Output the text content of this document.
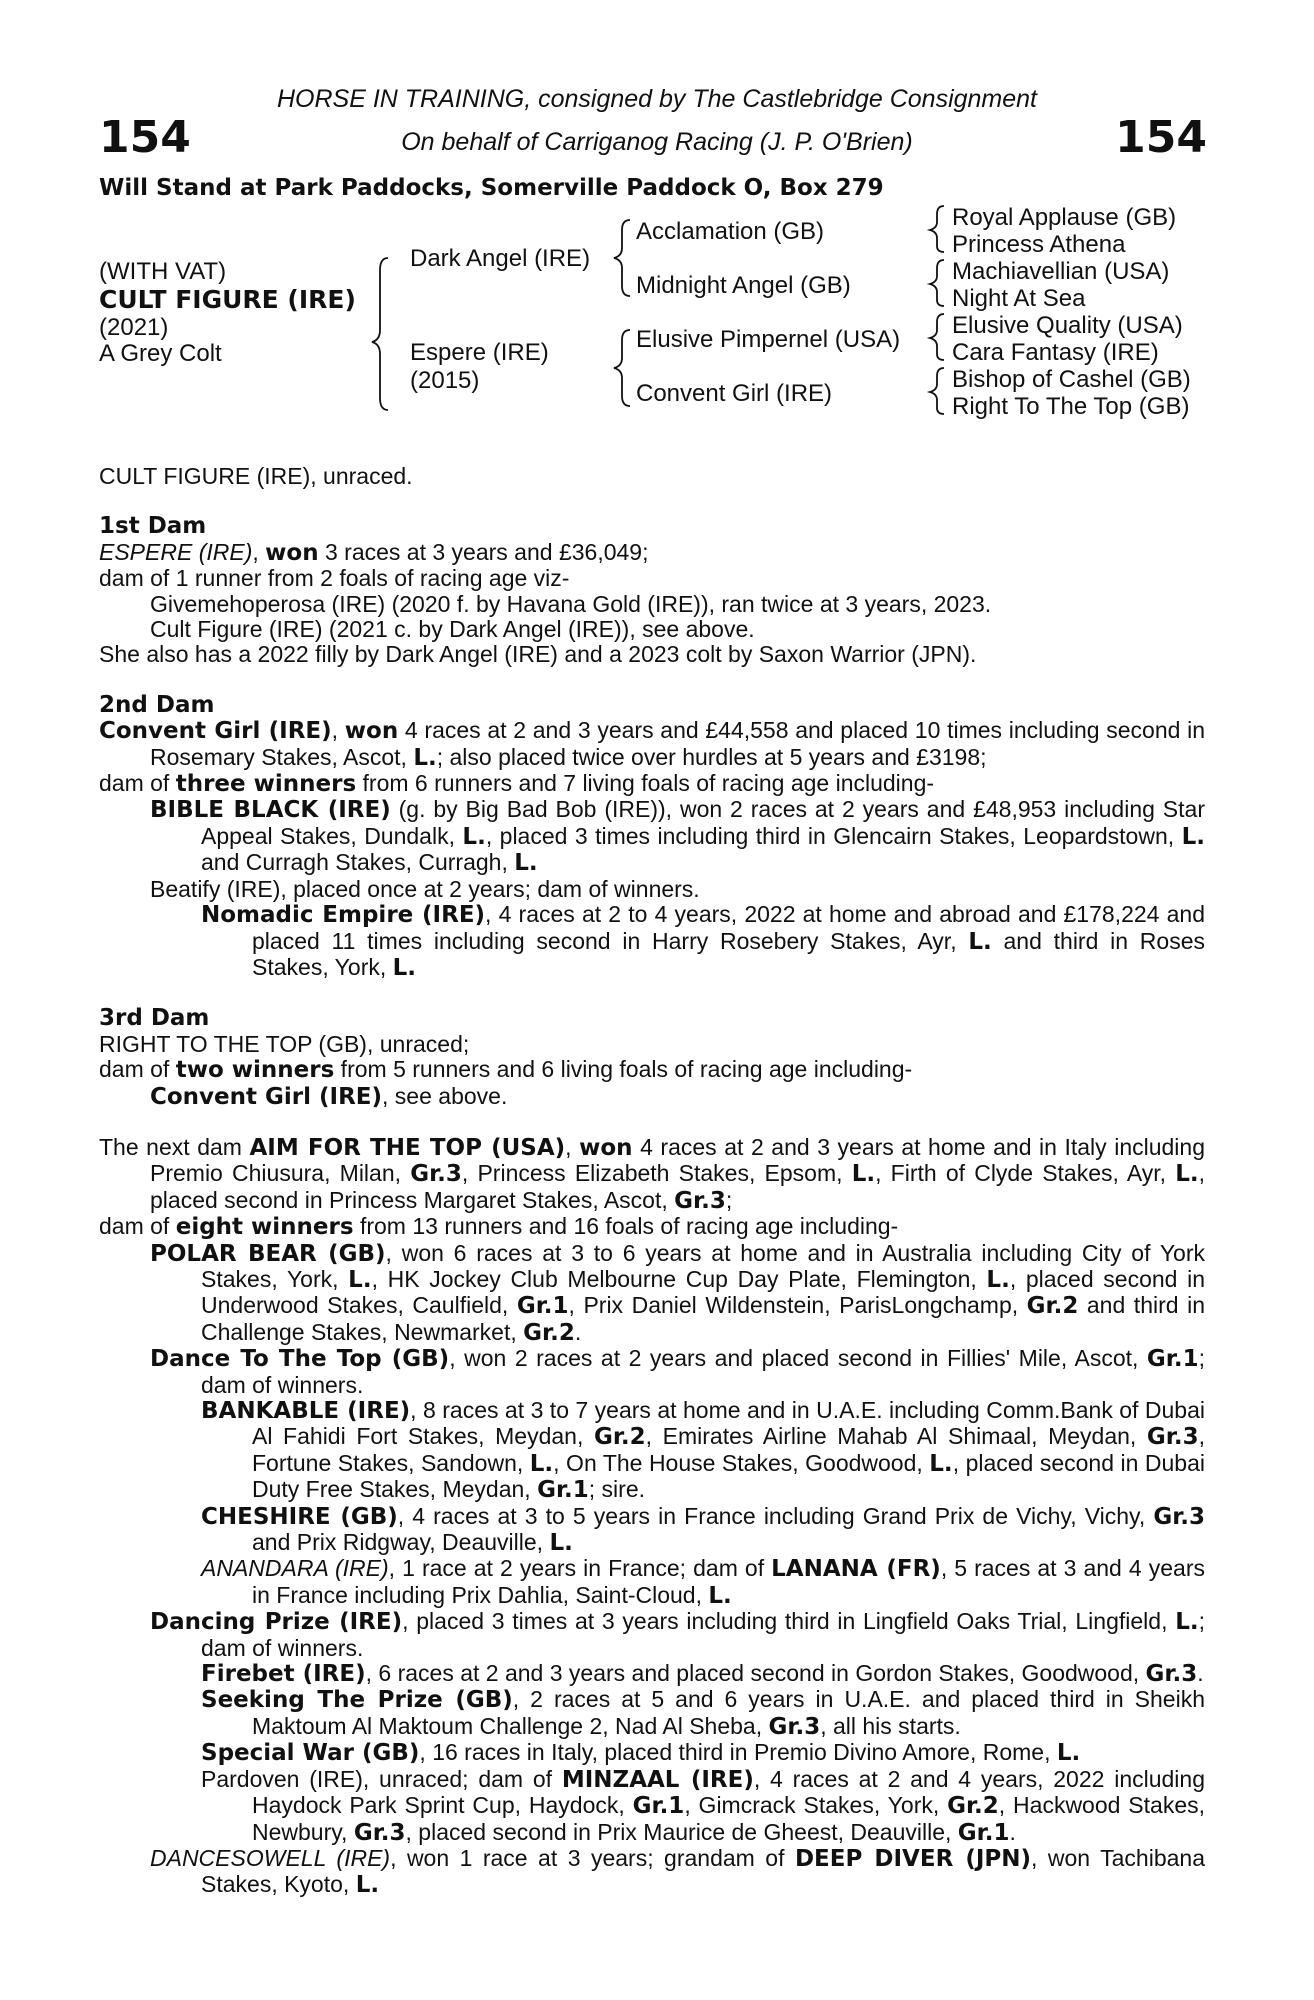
154	154
HORSE IN TRAINING, consigned by The Castlebridge Consignment
On behalf of Carriganog Racing (J. P. O'Brien)
Will Stand at Park Paddocks, Somerville Paddock O, Box 279
(WITH VAT)
CULT FIGURE (IRE)
(2021)
A Grey Colt
Dark Angel (IRE)
Espere (IRE)
(2015)
Acclamation (GB)
Midnight Angel (GB)
Elusive Pimpernel (USA)
Convent Girl (IRE)
Royal Applause (GB)
Princess Athena
Machiavellian (USA)
Night At Sea
Elusive Quality (USA)
Cara Fantasy (IRE)
Bishop of Cashel (GB)
Right To The Top (GB)

CULT FIGURE (IRE), unraced.

1st Dam

ESPERE (IRE), won 3 races at 3 years and £36,049;

dam of 1 runner from 2 foals of racing age viz-

Givemehoperosa (IRE) (2020 f. by Havana Gold (IRE)), ran twice at 3 years, 2023.

Cult Figure (IRE) (2021 c. by Dark Angel (IRE)), see above.

She also has a 2022 filly by Dark Angel (IRE) and a 2023 colt by Saxon Warrior (JPN).

2nd Dam

Convent Girl (IRE), won 4 races at 2 and 3 years and £44,558 and placed 10 times including second in Rosemary Stakes, Ascot, L.; also placed twice over hurdles at 5 years and £3198;

dam of three winners from 6 runners and 7 living foals of racing age including-

BIBLE BLACK (IRE) (g. by Big Bad Bob (IRE)), won 2 races at 2 years and £48,953 including Star Appeal Stakes, Dundalk, L., placed 3 times including third in Glencairn Stakes, Leopardstown, L. and Curragh Stakes, Curragh, L.

Beatify (IRE), placed once at 2 years; dam of winners.

Nomadic Empire (IRE), 4 races at 2 to 4 years, 2022 at home and abroad and £178,224 and placed 11 times including second in Harry Rosebery Stakes, Ayr, L. and third in Roses Stakes, York, L.

3rd Dam

RIGHT TO THE TOP (GB), unraced;

dam of two winners from 5 runners and 6 living foals of racing age including-

Convent Girl (IRE), see above.

The next dam AIM FOR THE TOP (USA), won 4 races at 2 and 3 years at home and in Italy including Premio Chiusura, Milan, Gr.3, Princess Elizabeth Stakes, Epsom, L., Firth of Clyde Stakes, Ayr, L., placed second in Princess Margaret Stakes, Ascot, Gr.3;

dam of eight winners from 13 runners and 16 foals of racing age including-

POLAR BEAR (GB), won 6 races at 3 to 6 years at home and in Australia including City of York Stakes, York, L., HK Jockey Club Melbourne Cup Day Plate, Flemington, L., placed second in Underwood Stakes, Caulfield, Gr.1, Prix Daniel Wildenstein, ParisLongchamp, Gr.2 and third in Challenge Stakes, Newmarket, Gr.2.

Dance To The Top (GB), won 2 races at 2 years and placed second in Fillies' Mile, Ascot, Gr.1; dam of winners.

BANKABLE (IRE), 8 races at 3 to 7 years at home and in U.A.E. including Comm.Bank of Dubai Al Fahidi Fort Stakes, Meydan, Gr.2, Emirates Airline Mahab Al Shimaal, Meydan, Gr.3, Fortune Stakes, Sandown, L., On The House Stakes, Goodwood, L., placed second in Dubai Duty Free Stakes, Meydan, Gr.1; sire.

CHESHIRE (GB), 4 races at 3 to 5 years in France including Grand Prix de Vichy, Vichy, Gr.3 and Prix Ridgway, Deauville, L.

ANANDARA (IRE), 1 race at 2 years in France; dam of LANANA (FR), 5 races at 3 and 4 years in France including Prix Dahlia, Saint-Cloud, L.

Dancing Prize (IRE), placed 3 times at 3 years including third in Lingfield Oaks Trial, Lingfield, L.; dam of winners.

Firebet (IRE), 6 races at 2 and 3 years and placed second in Gordon Stakes, Goodwood, Gr.3.

Seeking The Prize (GB), 2 races at 5 and 6 years in U.A.E. and placed third in Sheikh Maktoum Al Maktoum Challenge 2, Nad Al Sheba, Gr.3, all his starts.

Special War (GB), 16 races in Italy, placed third in Premio Divino Amore, Rome, L.

Pardoven (IRE), unraced; dam of MINZAAL (IRE), 4 races at 2 and 4 years, 2022 including Haydock Park Sprint Cup, Haydock, Gr.1, Gimcrack Stakes, York, Gr.2, Hackwood Stakes, Newbury, Gr.3, placed second in Prix Maurice de Gheest, Deauville, Gr.1.

DANCESOWELL (IRE), won 1 race at 3 years; grandam of DEEP DIVER (JPN), won Tachibana Stakes, Kyoto, L.
